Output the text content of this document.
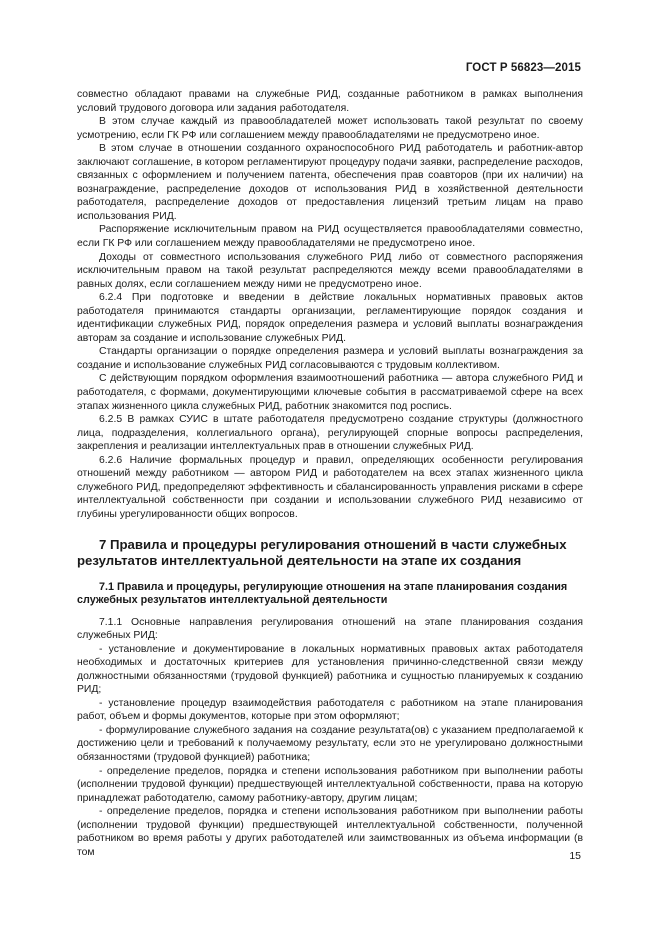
ГОСТ Р 56823—2015

совместно обладают правами на служебные РИД, созданные работником в рамках выполнения условий трудового договора или задания работодателя.

В этом случае каждый из правообладателей может использовать такой результат по своему усмотрению, если ГК РФ или соглашением между правообладателями не предусмотрено иное.

В этом случае в отношении созданного охраноспособного РИД работодатель и работник-автор заключают соглашение, в котором регламентируют процедуру подачи заявки, распределение расходов, связанных с оформлением и получением патента, обеспечения прав соавторов (при их наличии) на вознаграждение, распределение доходов от использования РИД в хозяйственной деятельности работодателя, распределение доходов от предоставления лицензий третьим лицам на право использования РИД.

Распоряжение исключительным правом на РИД осуществляется правообладателями совместно, если ГК РФ или соглашением между правообладателями не предусмотрено иное.

Доходы от совместного использования служебного РИД либо от совместного распоряжения исключительным правом на такой результат распределяются между всеми правообладателями в равных долях, если соглашением между ними не предусмотрено иное.

6.2.4 При подготовке и введении в действие локальных нормативных правовых актов работодателя принимаются стандарты организации, регламентирующие порядок создания и идентификации служебных РИД, порядок определения размера и условий выплаты вознаграждения авторам за создание и использование служебных РИД.

Стандарты организации о порядке определения размера и условий выплаты вознаграждения за создание и использование служебных РИД согласовываются с трудовым коллективом.

С действующим порядком оформления взаимоотношений работника — автора служебного РИД и работодателя, с формами, документирующими ключевые события в рассматриваемой сфере на всех этапах жизненного цикла служебных РИД, работник знакомится под роспись.

6.2.5 В рамках СУИС в штате работодателя предусмотрено создание структуры (должностного лица, подразделения, коллегиального органа), регулирующей спорные вопросы распределения, закрепления и реализации интеллектуальных прав в отношении служебных РИД.

6.2.6 Наличие формальных процедур и правил, определяющих особенности регулирования отношений между работником — автором РИД и работодателем на всех этапах жизненного цикла служебного РИД, предопределяют эффективность и сбалансированность управления рисками в сфере интеллектуальной собственности при создании и использовании служебного РИД независимо от глубины урегулированности общих вопросов.

7 Правила и процедуры регулирования отношений в части служебных результатов интеллектуальной деятельности на этапе их создания
7.1 Правила и процедуры, регулирующие отношения на этапе планирования создания служебных результатов интеллектуальной деятельности

7.1.1 Основные направления регулирования отношений на этапе планирования создания служебных РИД:

- установление и документирование в локальных нормативных правовых актах работодателя необходимых и достаточных критериев для установления причинно-следственной связи между должностными обязанностями (трудовой функцией) работника и сущностью планируемых к созданию РИД;

- установление процедур взаимодействия работодателя с работником на этапе планирования работ, объем и формы документов, которые при этом оформляют;

- формулирование служебного задания на создание результата(ов) с указанием предполагаемой к достижению цели и требований к получаемому результату, если это не урегулировано должностными обязанностями (трудовой функцией) работника;

- определение пределов, порядка и степени использования работником при выполнении работы (исполнении трудовой функции) предшествующей интеллектуальной собственности, права на которую принадлежат работодателю, самому работнику-автору, другим лицам;

- определение пределов, порядка и степени использования работником при выполнении работы (исполнении трудовой функции) предшествующей интеллектуальной собственности, полученной работником во время работы у других работодателей или заимствованных из объема информации (в том	15
